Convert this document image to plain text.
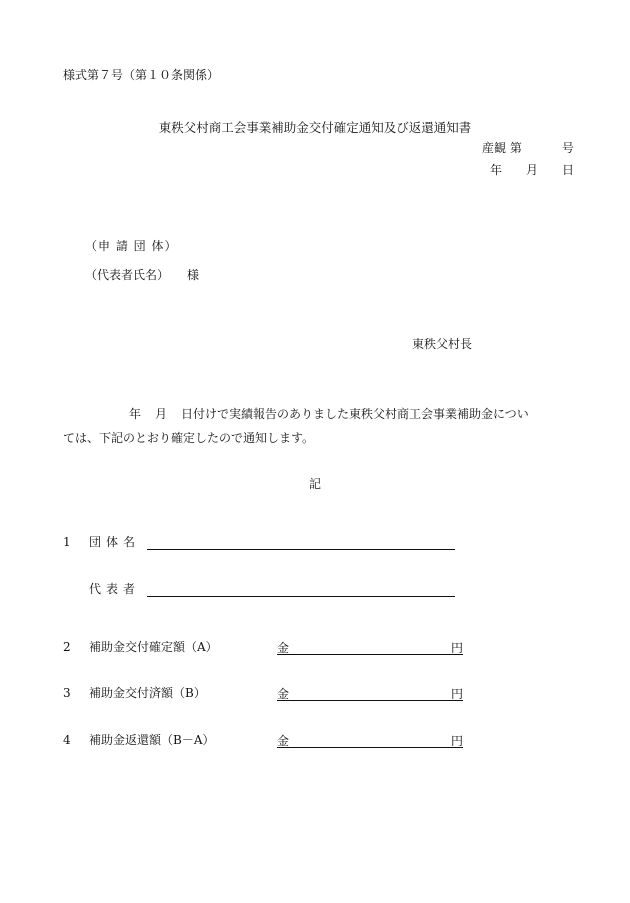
様式第７号（第１０条関係）
東秩父村商工会事業補助金交付確定通知及び返還通知書
産観 第	号
年 月 日
（申 請 団 体）
（代表者氏名） 様
東秩父村長
年 月 日付けで実績報告のありました東秩父村商工会事業補助金につい
ては、下記のとおり確定したので通知します。
記
1 団体名
代表者
2 補助金交付確定額（A）	金	円
3 補助金交付済額（B）	金	円
4 補助金返還額（B－A）	金	円
